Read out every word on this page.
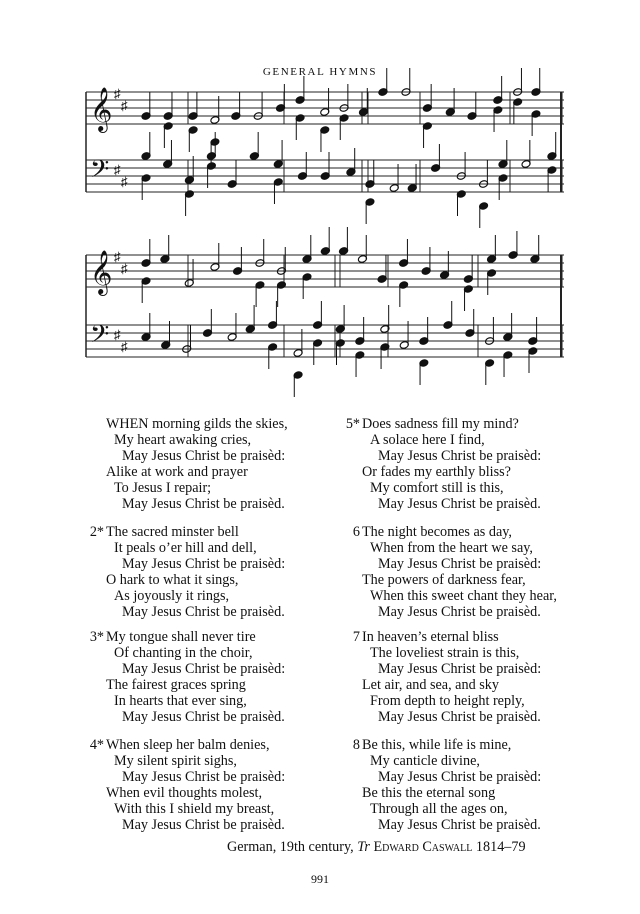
GENERAL HYMNS
𝄞
𝄢
♯
♯
♯
♯
𝄞
𝄢
♯
♯
♯
♯
WHEN morning gilds the skies,
My heart awaking cries,
May Jesus Christ be praisèd:
Alike at work and prayer
To Jesus I repair;
May Jesus Christ be praisèd.
2* The sacred minster bell
It peals o’er hill and dell,
May Jesus Christ be praisèd:
O hark to what it sings,
As joyously it rings,
May Jesus Christ be praisèd.
3* My tongue shall never tire
Of chanting in the choir,
May Jesus Christ be praisèd:
The fairest graces spring
In hearts that ever sing,
May Jesus Christ be praisèd.
4* When sleep her balm denies,
My silent spirit sighs,
May Jesus Christ be praisèd:
When evil thoughts molest,
With this I shield my breast,
May Jesus Christ be praisèd.
5* Does sadness fill my mind?
A solace here I find,
May Jesus Christ be praisèd:
Or fades my earthly bliss?
My comfort still is this,
May Jesus Christ be praisèd.
6 The night becomes as day,
When from the heart we say,
May Jesus Christ be praisèd:
The powers of darkness fear,
When this sweet chant they hear,
May Jesus Christ be praisèd.
7 In heaven’s eternal bliss
The loveliest strain is this,
May Jesus Christ be praisèd:
Let air, and sea, and sky
From depth to height reply,
May Jesus Christ be praisèd.
8 Be this, while life is mine,
My canticle divine,
May Jesus Christ be praisèd:
Be this the eternal song
Through all the ages on,
May Jesus Christ be praisèd.
German, 19th century, Tr Edward Caswall 1814–79
991
